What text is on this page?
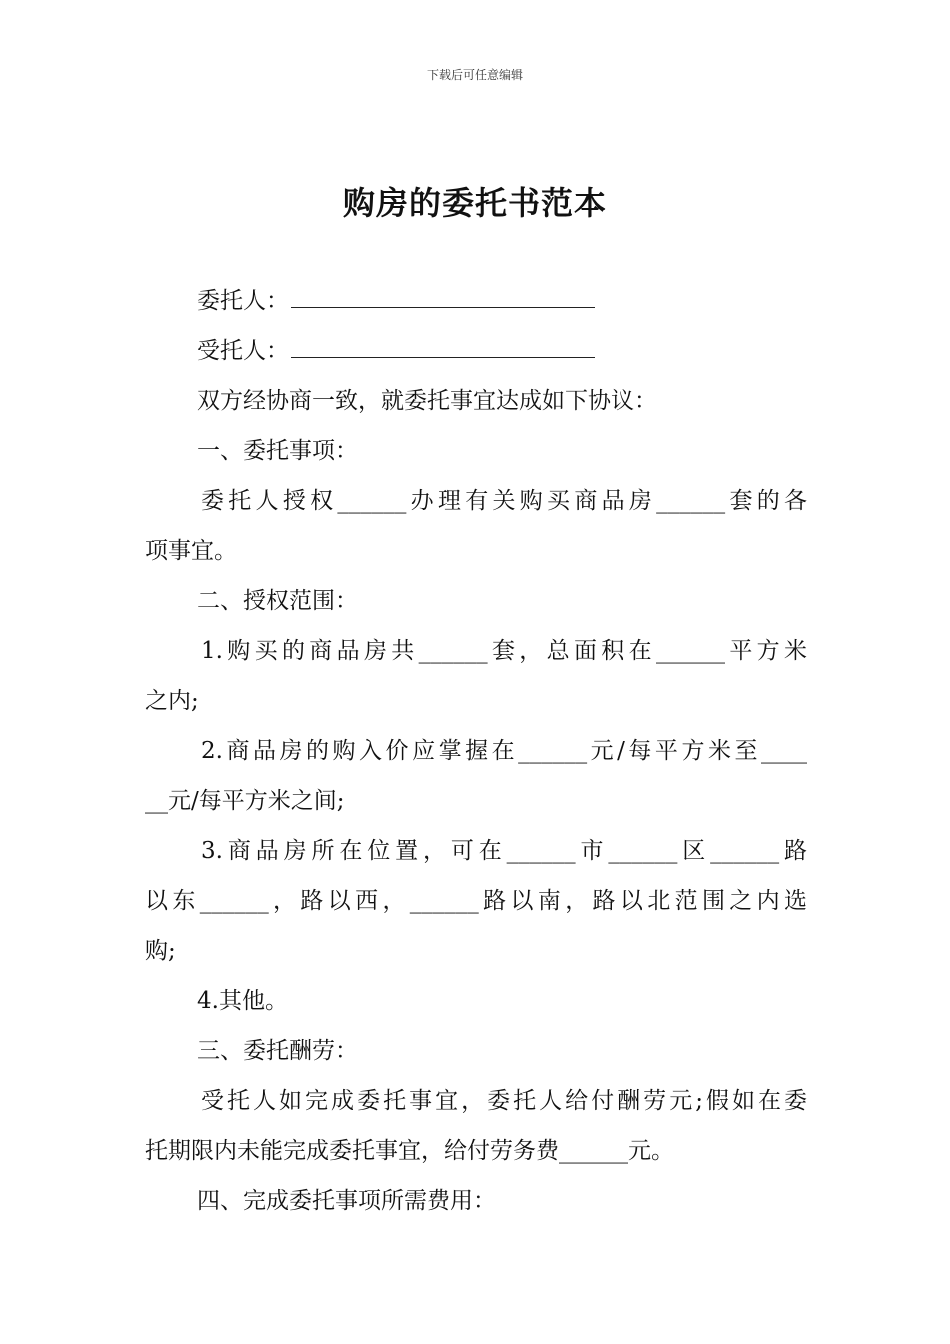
下载后可任意编辑
购房的委托书范本

委托人：

受托人：

双方经协商一致，就委托事宜达成如下协议：

一、委托事项：

委托人授权______办理有关购买商品房______套的各

项事宜。

二、授权范围：

1.购买的商品房共______套，总面积在______平方米

之内;

2.商品房的购入价应掌握在______元/每平方米至____

__元/每平方米之间;

3.商品房所在位置，可在______市______区______路

以东______，路以西，______路以南，路以北范围之内选

购;

4.其他。

三、委托酬劳：

受托人如完成委托事宜，委托人给付酬劳元;假如在委

托期限内未能完成委托事宜，给付劳务费______元。

四、完成委托事项所需费用：
